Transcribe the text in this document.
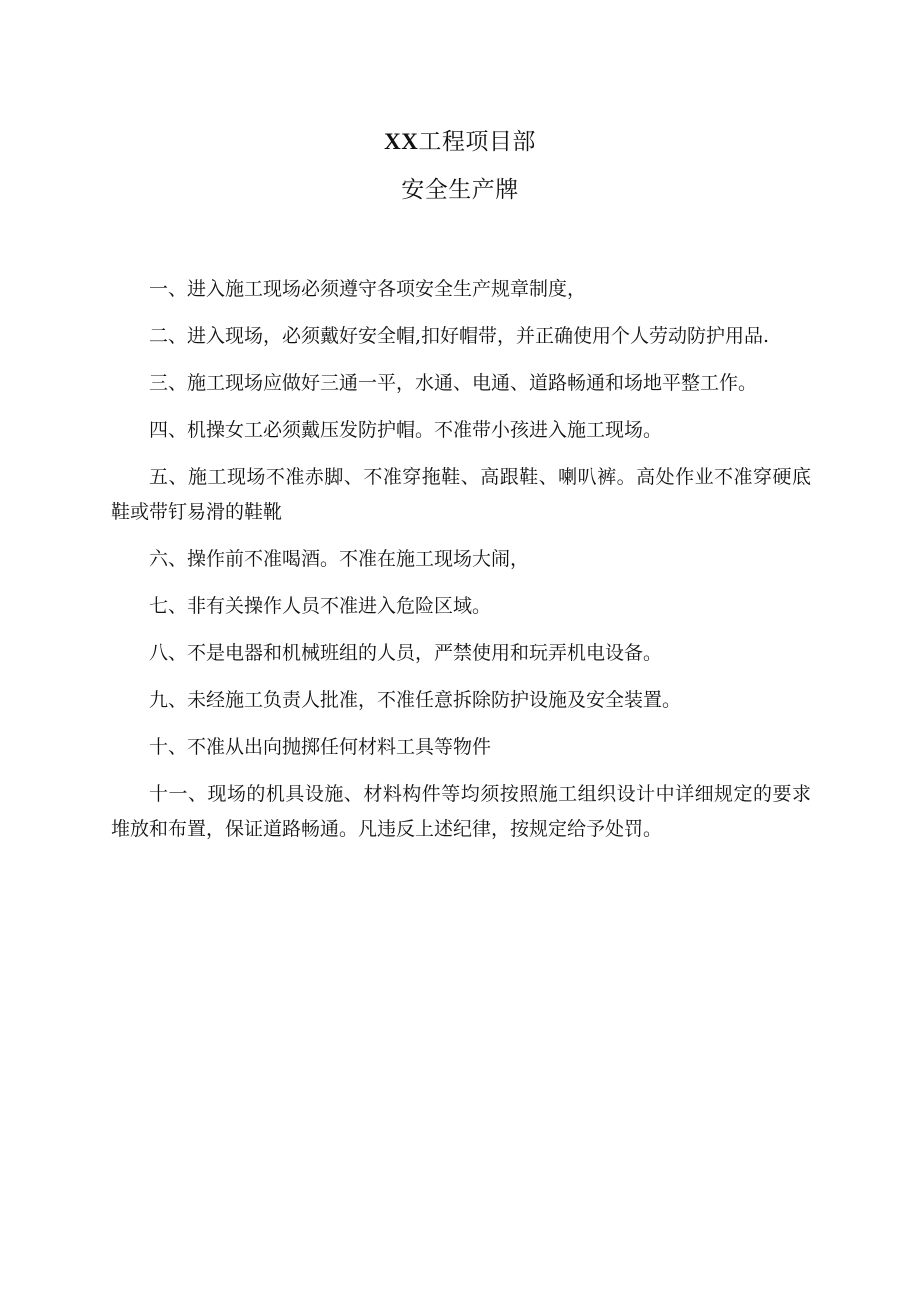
XX工程项目部
安全生产牌

一、进入施工现场必须遵守各项安全生产规章制度，

二、进入现场，必须戴好安全帽,扣好帽带，并正确使用个人劳动防护用品.

三、施工现场应做好三通一平，水通、电通、道路畅通和场地平整工作。

四、机操女工必须戴压发防护帽。不准带小孩进入施工现场。

五、施工现场不准赤脚、不准穿拖鞋、高跟鞋、喇叭裤。高处作业不准穿硬底鞋或带钉易滑的鞋靴

六、操作前不准喝酒。不准在施工现场大闹，

七、非有关操作人员不准进入危险区域。

八、不是电器和机械班组的人员，严禁使用和玩弄机电设备。

九、未经施工负责人批准，不准任意拆除防护设施及安全装置。

十、不准从出向抛掷任何材料工具等物件

十一、现场的机具设施、材料构件等均须按照施工组织设计中详细规定的要求堆放和布置，保证道路畅通。凡违反上述纪律，按规定给予处罚。
